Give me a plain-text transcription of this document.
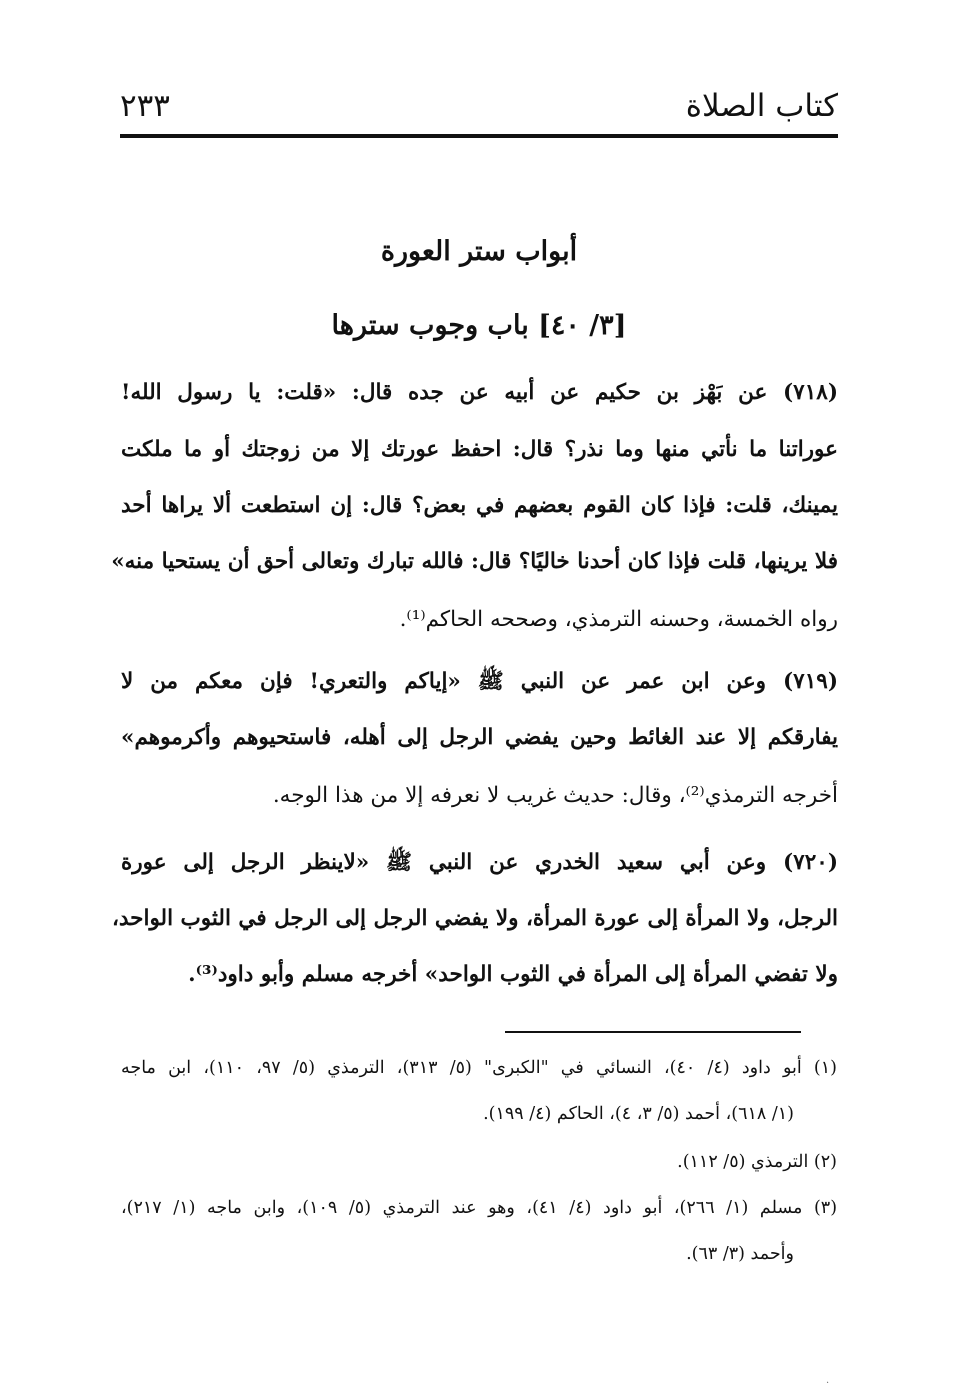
كتاب الصلاة
٢٣٣
أبواب ستر العورة
[٣/ ٤٠] باب وجوب سترها
(٧١٨) عن بَهْز بن حكيم عن أبيه عن جده قال: «قلت: يا رسول الله!
عوراتنا ما نأتي منها وما نذر؟ قال: احفظ عورتك إلا من زوجتك أو ما ملكت
يمينك، قلت: فإذا كان القوم بعضهم في بعض؟ قال: إن استطعت ألا يراها أحد
فلا يرينها، قلت فإذا كان أحدنا خاليًا؟ قال: فالله تبارك وتعالى أحق أن يستحيا منه»
رواه الخمسة، وحسنه الترمذي، وصححه الحاكم⁽¹⁾.
(٧١٩) وعن ابن عمر عن النبي ﷺ «إياكم والتعري! فإن معكم من لا
يفارقكم إلا عند الغائط وحين يفضي الرجل إلى أهله، فاستحيوهم وأكرموهم»
أخرجه الترمذي⁽²⁾، وقال: حديث غريب لا نعرفه إلا من هذا الوجه.
(٧٢٠) وعن أبي سعيد الخدري عن النبي ﷺ «لاينظر الرجل إلى عورة
الرجل، ولا المرأة إلى عورة المرأة، ولا يفضي الرجل إلى الرجل في الثوب الواحد،
ولا تفضي المرأة إلى المرأة في الثوب الواحد» أخرجه مسلم وأبو داود⁽³⁾.
(١) أبو داود (٤/ ٤٠)، النسائي في "الكبرى" (٥/ ٣١٣)، الترمذي (٥/ ٩٧، ١١٠)، ابن ماجه
(١/ ٦١٨)، أحمد (٥/ ٣، ٤)، الحاكم (٤/ ١٩٩).
(٢) الترمذي (٥/ ١١٢).
(٣) مسلم (١/ ٢٦٦)، أبو داود (٤/ ٤١)، وهو عند الترمذي (٥/ ١٠٩)، وابن ماجه (١/ ٢١٧)،
وأحمد (٣/ ٦٣).
·
